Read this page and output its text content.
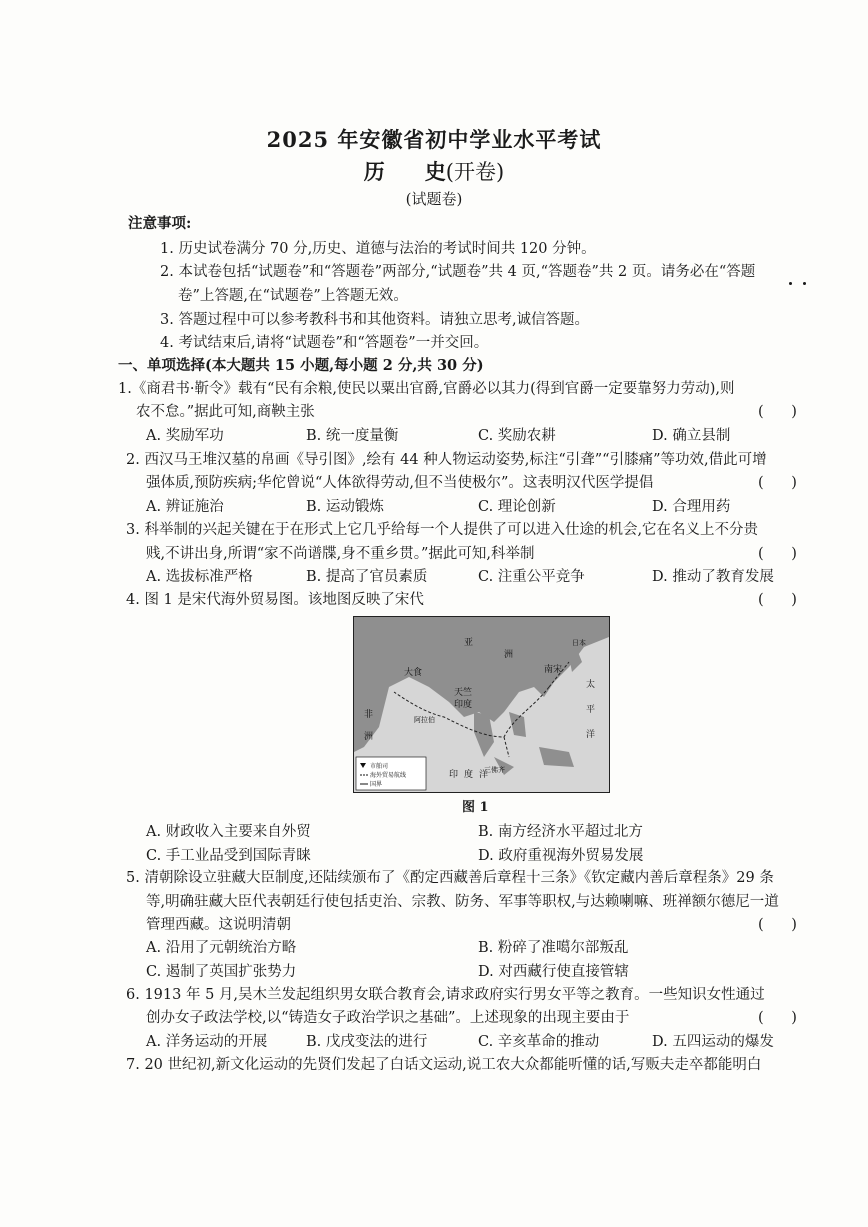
2025 年安徽省初中学业水平考试
历 史(开卷)
(试题卷)
注意事项:
1. 历史试卷满分 70 分,历史、道德与法治的考试时间共 120 分钟。
2. 本试卷包括“试题卷”和“答题卷”两部分,“试题卷”共 4 页,“答题卷”共 2 页。请务必在“答题
卷”上答题,在“试题卷”上答题无效。
3. 答题过程中可以参考教科书和其他资料。请独立思考,诚信答题。
4. 考试结束后,请将“试题卷”和“答题卷”一并交回。
一、单项选择(本大题共 15 小题,每小题 2 分,共 30 分)
1.《商君书·靳令》载有“民有余粮,使民以粟出官爵,官爵必以其力(得到官爵一定要靠努力劳动),则
农不怠。”据此可知,商鞅主张	(      )
A. 奖励军功	B. 统一度量衡	C. 奖励农耕	D. 确立县制
2. 西汉马王堆汉墓的帛画《导引图》,绘有 44 种人物运动姿势,标注“引聋”“引膝痛”等功效,借此可增
强体质,预防疾病;华佗曾说“人体欲得劳动,但不当使极尔”。这表明汉代医学提倡	(      )
A. 辨证施治	B. 运动锻炼	C. 理论创新	D. 合理用药
3. 科举制的兴起关键在于在形式上它几乎给每一个人提供了可以进入仕途的机会,它在名义上不分贵
贱,不讲出身,所谓“家不尚谱牒,身不重乡贯。”据此可知,科举制	(      )
A. 选拔标准严格	B. 提高了官员素质	C. 注重公平竞争	D. 推动了教育发展
4. 图 1 是宋代海外贸易图。该地图反映了宋代	(      )
大食
天竺
印度
阿拉伯
亚
洲
南宋
日本
太
平
洋
印 度 洋
三佛齐
非
洲
市舶司
海外贸易航线
国界
图 1
A. 财政收入主要来自外贸	B. 南方经济水平超过北方
C. 手工业品受到国际青睐	D. 政府重视海外贸易发展
5. 清朝除设立驻藏大臣制度,还陆续颁布了《酌定西藏善后章程十三条》《钦定藏内善后章程条》29 条
等,明确驻藏大臣代表朝廷行使包括吏治、宗教、防务、军事等职权,与达赖喇嘛、班禅额尔德尼一道
管理西藏。这说明清朝	(      )
A. 沿用了元朝统治方略	B. 粉碎了准噶尔部叛乱
C. 遏制了英国扩张势力	D. 对西藏行使直接管辖
6. 1913 年 5 月,吴木兰发起组织男女联合教育会,请求政府实行男女平等之教育。一些知识女性通过
创办女子政法学校,以“铸造女子政治学识之基础”。上述现象的出现主要由于	(      )
A. 洋务运动的开展	B. 戊戌变法的进行	C. 辛亥革命的推动	D. 五四运动的爆发
7. 20 世纪初,新文化运动的先贤们发起了白话文运动,说工农大众都能听懂的话,写贩夫走卒都能明白
